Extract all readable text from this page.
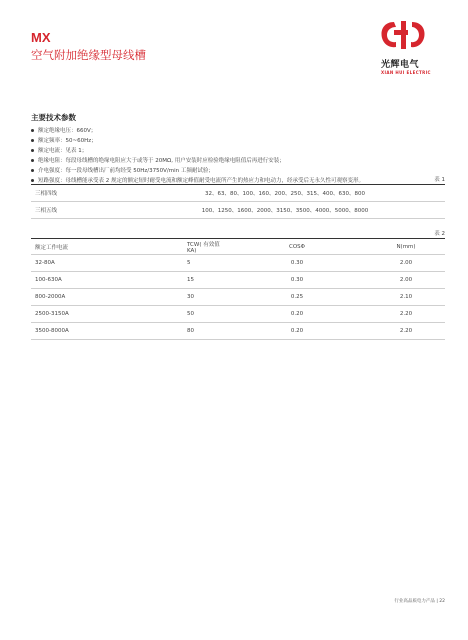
MX
空气附加绝缘型母线槽
光辉电气
XIAN HUI ELECTRIC
主要技术参数
额定绝缘电压：660V；
额定频率：50~60Hz；
额定电流：见表 1；
绝缘电阻：每段母线槽的绝缘电阻应大于或等于 20MΩ, 用户安装时应检验绝缘电阻值后再进行安装；
介电强度：每一段母线槽出厂前均经受 50Hz/3750V/min 工频耐试验；
短路强度：母线槽能承受表 2 规定的额定短时耐受电流和额定峰值耐受电流所产生的热应力和电动力，经承受后无永久性可观察变形。	表 1
三相四线	32、63、80、100、160、200、250、315、400、630、800
三相五线	100、1250、1600、2000、3150、3500、4000、5000、8000
表 2
额定工作电流	TCW( 有效值 KA)	COSΦ	N(mm)
32-80A	5	0.30	2.00
100-630A	15	0.30	2.00
800-2000A	30	0.25	2.10
2500-3150A	50	0.20	2.20
3500-8000A	80	0.20	2.20
行业高品质电力产品 | 22
